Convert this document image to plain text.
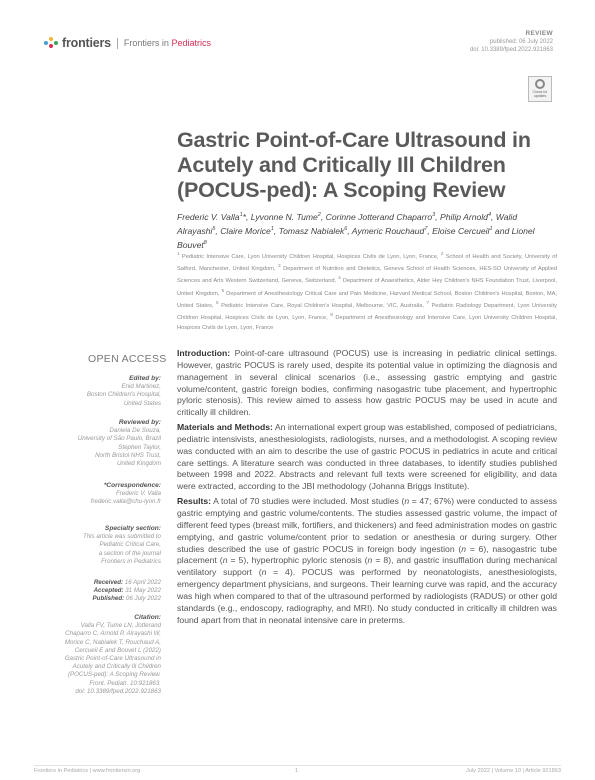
frontiers Frontiers in Pediatrics
REVIEW
published: 06 July 2022
doi: 10.3389/fped.2022.921863
Check for
updates
Gastric Point-of-Care Ultrasound in Acutely and Critically Ill Children (POCUS-ped): A Scoping Review
Frederic V. Valla$^1$*, Lyvonne N. Tume$^2$, Corinne Jotterand Chaparro$^3$, Philip Arnold$^4$, Walid Alrayashi$^5$, Claire Morice$^1$, Tomasz Nabialek$^6$, Aymeric Rouchaud$^7$, Eloise Cercueil$^1$ and Lionel Bouvet$^8$
$^1$ Pediatric Intensive Care, Lyon University Children Hospital, Hospices Civils de Lyon, Lyon, France, $^2$ School of Health and Society, University of Salford, Manchester, United Kingdom, $^3$ Department of Nutrition and Dietetics, Geneva School of Health Sciences, HES-SO University of Applied Sciences and Arts Western Switzerland, Geneva, Switzerland, $^4$ Department of Anaesthetics, Alder Hey Children's NHS Foundation Trust, Liverpool, United Kingdom, $^5$ Department of Anesthesiology Critical Care and Pain Medicine, Harvard Medical School, Boston Children's Hospital, Boston, MA, United States, $^6$ Pediatric Intensive Care, Royal Children's Hospital, Melbourne, VIC, Australia, $^7$ Pediatric Radiology Department, Lyon University Children Hospital, Hospices Civils de Lyon, Lyon, France, $^8$ Department of Anesthesiology and Intensive Care, Lyon University Children Hospital, Hospices Civils de Lyon, Lyon, France
OPEN ACCESS
Edited by:
Enid Martinez,
Boston Children's Hospital,
United States
Reviewed by:
Daniela De Souza,
University of São Paulo, Brazil
Stephen Taylor,
North Bristol NHS Trust,
United Kingdom
*Correspondence:
Frederic V. Valla
frederic.valla@chu-lyon.fr
Specialty section:
This article was submitted to
Pediatric Critical Care,
a section of the journal
Frontiers in Pediatrics
Received: 16 April 2022
Accepted: 31 May 2022
Published: 06 July 2022
Citation:
Valla FV, Tume LN, Jotterand
Chaparro C, Arnold P, Alrayashi W,
Morice C, Nabialek T, Rouchaud A,
Cercueil E and Bouvet L (2022)
Gastric Point-of-Care Ultrasound in
Acutely and Critically Ill Children
(POCUS-ped): A Scoping Review.
Front. Pediatr. 10:921863.
doi: 10.3389/fped.2022.921863

Introduction: Point-of-care ultrasound (POCUS) use is increasing in pediatric clinical settings. However, gastric POCUS is rarely used, despite its potential value in optimizing the diagnosis and management in several clinical scenarios (i.e., assessing gastric emptying and gastric volume/content, gastric foreign bodies, confirming nasogastric tube placement, and hypertrophic pyloric stenosis). This review aimed to assess how gastric POCUS may be used in acute and critically ill children.

Materials and Methods: An international expert group was established, composed of pediatricians, pediatric intensivists, anesthesiologists, radiologists, nurses, and a methodologist. A scoping review was conducted with an aim to describe the use of gastric POCUS in pediatrics in acute and critical care settings. A literature search was conducted in three databases, to identify studies published between 1998 and 2022. Abstracts and relevant full texts were screened for eligibility, and data were extracted, according to the JBI methodology (Johanna Briggs Institute).

Results: A total of 70 studies were included. Most studies (n = 47; 67%) were conducted to assess gastric emptying and gastric volume/contents. The studies assessed gastric volume, the impact of different feed types (breast milk, fortifiers, and thickeners) and feed administration modes on gastric emptying, and gastric volume/content prior to sedation or anesthesia or during surgery. Other studies described the use of gastric POCUS in foreign body ingestion (n = 6), nasogastric tube placement (n = 5), hypertrophic pyloric stenosis (n = 8), and gastric insufflation during mechanical ventilatory support (n = 4). POCUS was performed by neonatologists, anesthesiologists, emergency department physicians, and surgeons. Their learning curve was rapid, and the accuracy was high when compared to that of the ultrasound performed by radiologists (RADUS) or other gold standards (e.g., endoscopy, radiography, and MRI). No study conducted in critically ill children was found apart from that in neonatal intensive care in preterms.

Frontiers in Pediatrics | www.frontiersin.org	1	July 2022 | Volume 10 | Article 921863
